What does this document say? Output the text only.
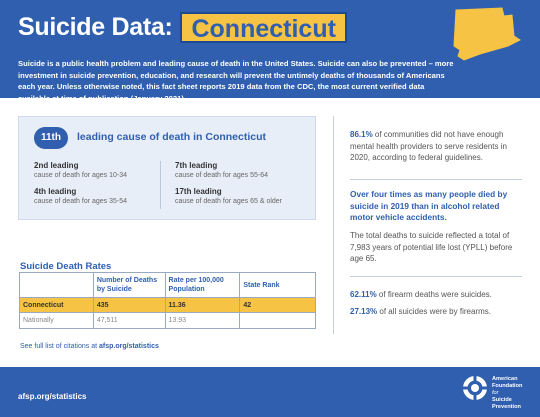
Suicide Data: Connecticut

Suicide is a public health problem and leading cause of death in the United States. Suicide can also be prevented – more investment in suicide prevention, education, and research will prevent the untimely deaths of thousands of Americans each year. Unless otherwise noted, this fact sheet reports 2019 data from the CDC, the most current verified data available at time of publication (January 2021).

11th	leading cause of death in Connecticut
2nd leading
cause of death for ages 10-34
7th leading
cause of death for ages 55-64
4th leading
cause of death for ages 35-54
17th leading
cause of death for ages 65 & older
Suicide Death Rates
	Number of Deaths by Suicide	Rate per 100,000 Population	State Rank
Connecticut	435	11.36	42
Nationally	47,511	13.93	
See full list of citations at afsp.org/statistics

86.1% of communities did not have enough mental health providers to serve residents in 2020, according to federal guidelines.

Over four times as many people died by suicide in 2019 than in alcohol related motor vehicle accidents.

The total deaths to suicide reflected a total of 7,983 years of potential life lost (YPLL) before age 65.

62.11% of firearm deaths were suicides.

27.13% of all suicides were by firearms.

afsp.org/statistics
American
Foundation
for
Suicide
Prevention
